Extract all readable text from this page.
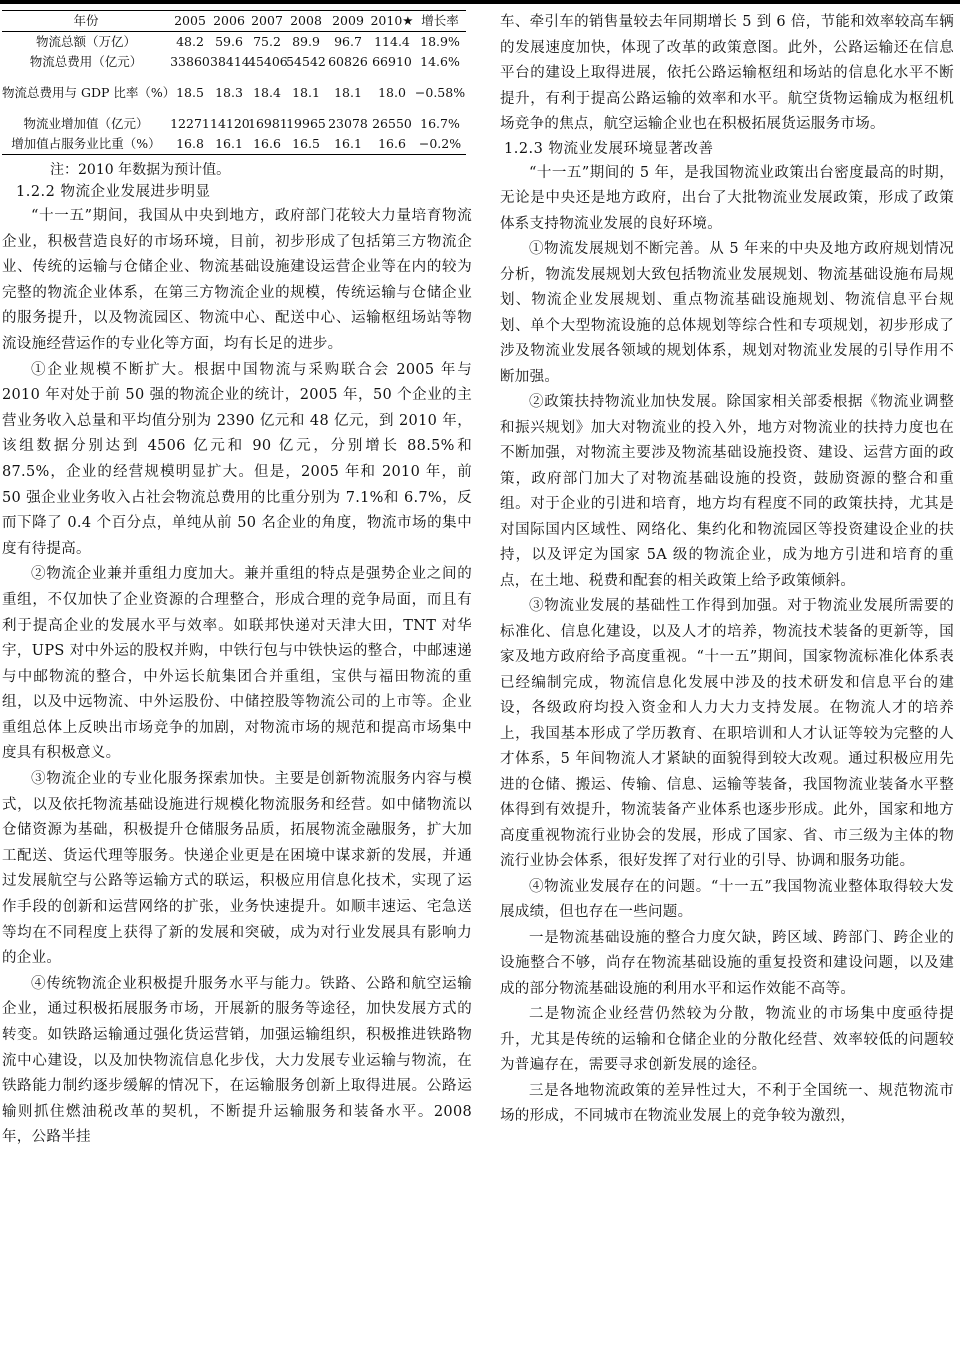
年份	2005	2006	2007	2008	2009	2010★	增长率
物流总额（万亿）	48.2	59.6	75.2	89.9	96.7	114.4	18.9%
物流总费用（亿元）	33860	38414	45406	54542	60826	66910	14.6%
物流总费用与 GDP 比率（%）	18.5	18.3	18.4	18.1	18.1	18.0	−0.58%
物流业增加值（亿元）	12271	14120	16981	19965	23078	26550	16.7%
增加值占服务业比重（%）	16.8	16.1	16.6	16.5	16.1	16.6	−0.2%
注：2010 年数据为预计值。
1.2.2 物流企业发展进步明显

“十一五”期间，我国从中央到地方，政府部门花较大力量培育物流企业，积极营造良好的市场环境，目前，初步形成了包括第三方物流企业、传统的运输与仓储企业、物流基础设施建设运营企业等在内的较为完整的物流企业体系，在第三方物流企业的规模，传统运输与仓储企业的服务提升，以及物流园区、物流中心、配送中心、运输枢纽场站等物流设施经营运作的专业化等方面，均有长足的进步。

①企业规模不断扩大。根据中国物流与采购联合会 2005 年与 2010 年对处于前 50 强的物流企业的统计，2005 年，50 个企业的主营业务收入总量和平均值分别为 2390 亿元和 48 亿元，到 2010 年，该组数据分别达到 4506 亿元和 90 亿元，分别增长 88.5%和 87.5%，企业的经营规模明显扩大。但是，2005 年和 2010 年，前 50 强企业业务收入占社会物流总费用的比重分别为 7.1%和 6.7%，反而下降了 0.4 个百分点，单纯从前 50 名企业的角度，物流市场的集中度有待提高。

②物流企业兼并重组力度加大。兼并重组的特点是强势企业之间的重组，不仅加快了企业资源的合理整合，形成合理的竞争局面，而且有利于提高企业的发展水平与效率。如联邦快递对天津大田，TNT 对华宇，UPS 对中外运的股权并购，中铁行包与中铁快运的整合，中邮速递与中邮物流的整合，中外运长航集团合并重组，宝供与福田物流的重组，以及中远物流、中外运股份、中储控股等物流公司的上市等。企业重组总体上反映出市场竞争的加剧，对物流市场的规范和提高市场集中度具有积极意义。

③物流企业的专业化服务探索加快。主要是创新物流服务内容与模式，以及依托物流基础设施进行规模化物流服务和经营。如中储物流以仓储资源为基础，积极提升仓储服务品质，拓展物流金融服务，扩大加工配送、货运代理等服务。快递企业更是在困境中谋求新的发展，并通过发展航空与公路等运输方式的联运，积极应用信息化技术，实现了运作手段的创新和运营网络的扩张，业务快速提升。如顺丰速运、宅急送等均在不同程度上获得了新的发展和突破，成为对行业发展具有影响力的企业。

④传统物流企业积极提升服务水平与能力。铁路、公路和航空运输企业，通过积极拓展服务市场，开展新的服务等途径，加快发展方式的转变。如铁路运输通过强化货运营销，加强运输组织，积极推进铁路物流中心建设，以及加快物流信息化步伐，大力发展专业运输与物流，在铁路能力制约逐步缓解的情况下，在运输服务创新上取得进展。公路运输则抓住燃油税改革的契机，不断提升运输服务和装备水平。2008 年，公路半挂

车、牵引车的销售量较去年同期增长 5 到 6 倍，节能和效率较高车辆的发展速度加快，体现了改革的政策意图。此外，公路运输还在信息平台的建设上取得进展，依托公路运输枢纽和场站的信息化水平不断提升，有利于提高公路运输的效率和水平。航空货物运输成为枢纽机场竞争的焦点，航空运输企业也在积极拓展货运服务市场。

1.2.3 物流业发展环境显著改善

“十一五”期间的 5 年，是我国物流业政策出台密度最高的时期，无论是中央还是地方政府，出台了大批物流业发展政策，形成了政策体系支持物流业发展的良好环境。

①物流发展规划不断完善。从 5 年来的中央及地方政府规划情况分析，物流发展规划大致包括物流业发展规划、物流基础设施布局规划、物流企业发展规划、重点物流基础设施规划、物流信息平台规划、单个大型物流设施的总体规划等综合性和专项规划，初步形成了涉及物流业发展各领域的规划体系，规划对物流业发展的引导作用不断加强。

②政策扶持物流业加快发展。除国家相关部委根据《物流业调整和振兴规划》加大对物流业的投入外，地方对物流业的扶持力度也在不断加强，对物流主要涉及物流基础设施投资、建设、运营方面的政策，政府部门加大了对物流基础设施的投资，鼓励资源的整合和重组。对于企业的引进和培育，地方均有程度不同的政策扶持，尤其是对国际国内区域性、网络化、集约化和物流园区等投资建设企业的扶持，以及评定为国家 5A 级的物流企业，成为地方引进和培育的重点，在土地、税费和配套的相关政策上给予政策倾斜。

③物流业发展的基础性工作得到加强。对于物流业发展所需要的标准化、信息化建设，以及人才的培养，物流技术装备的更新等，国家及地方政府给予高度重视。“十一五”期间，国家物流标准化体系表已经编制完成，物流信息化发展中涉及的技术研发和信息平台的建设，各级政府均投入资金和人力大力支持发展。在物流人才的培养上，我国基本形成了学历教育、在职培训和人才认证等较为完整的人才体系，5 年间物流人才紧缺的面貌得到较大改观。通过积极应用先进的仓储、搬运、传输、信息、运输等装备，我国物流业装备水平整体得到有效提升，物流装备产业体系也逐步形成。此外，国家和地方高度重视物流行业协会的发展，形成了国家、省、市三级为主体的物流行业协会体系，很好发挥了对行业的引导、协调和服务功能。

④物流业发展存在的问题。“十一五”我国物流业整体取得较大发展成绩，但也存在一些问题。

一是物流基础设施的整合力度欠缺，跨区域、跨部门、跨企业的设施整合不够，尚存在物流基础设施的重复投资和建设问题，以及建成的部分物流基础设施的利用水平和运作效能不高等。

二是物流企业经营仍然较为分散，物流业的市场集中度亟待提升，尤其是传统的运输和仓储企业的分散化经营、效率较低的问题较为普遍存在，需要寻求创新发展的途径。

三是各地物流政策的差异性过大，不利于全国统一、规范物流市场的形成，不同城市在物流业发展上的竞争较为激烈，
